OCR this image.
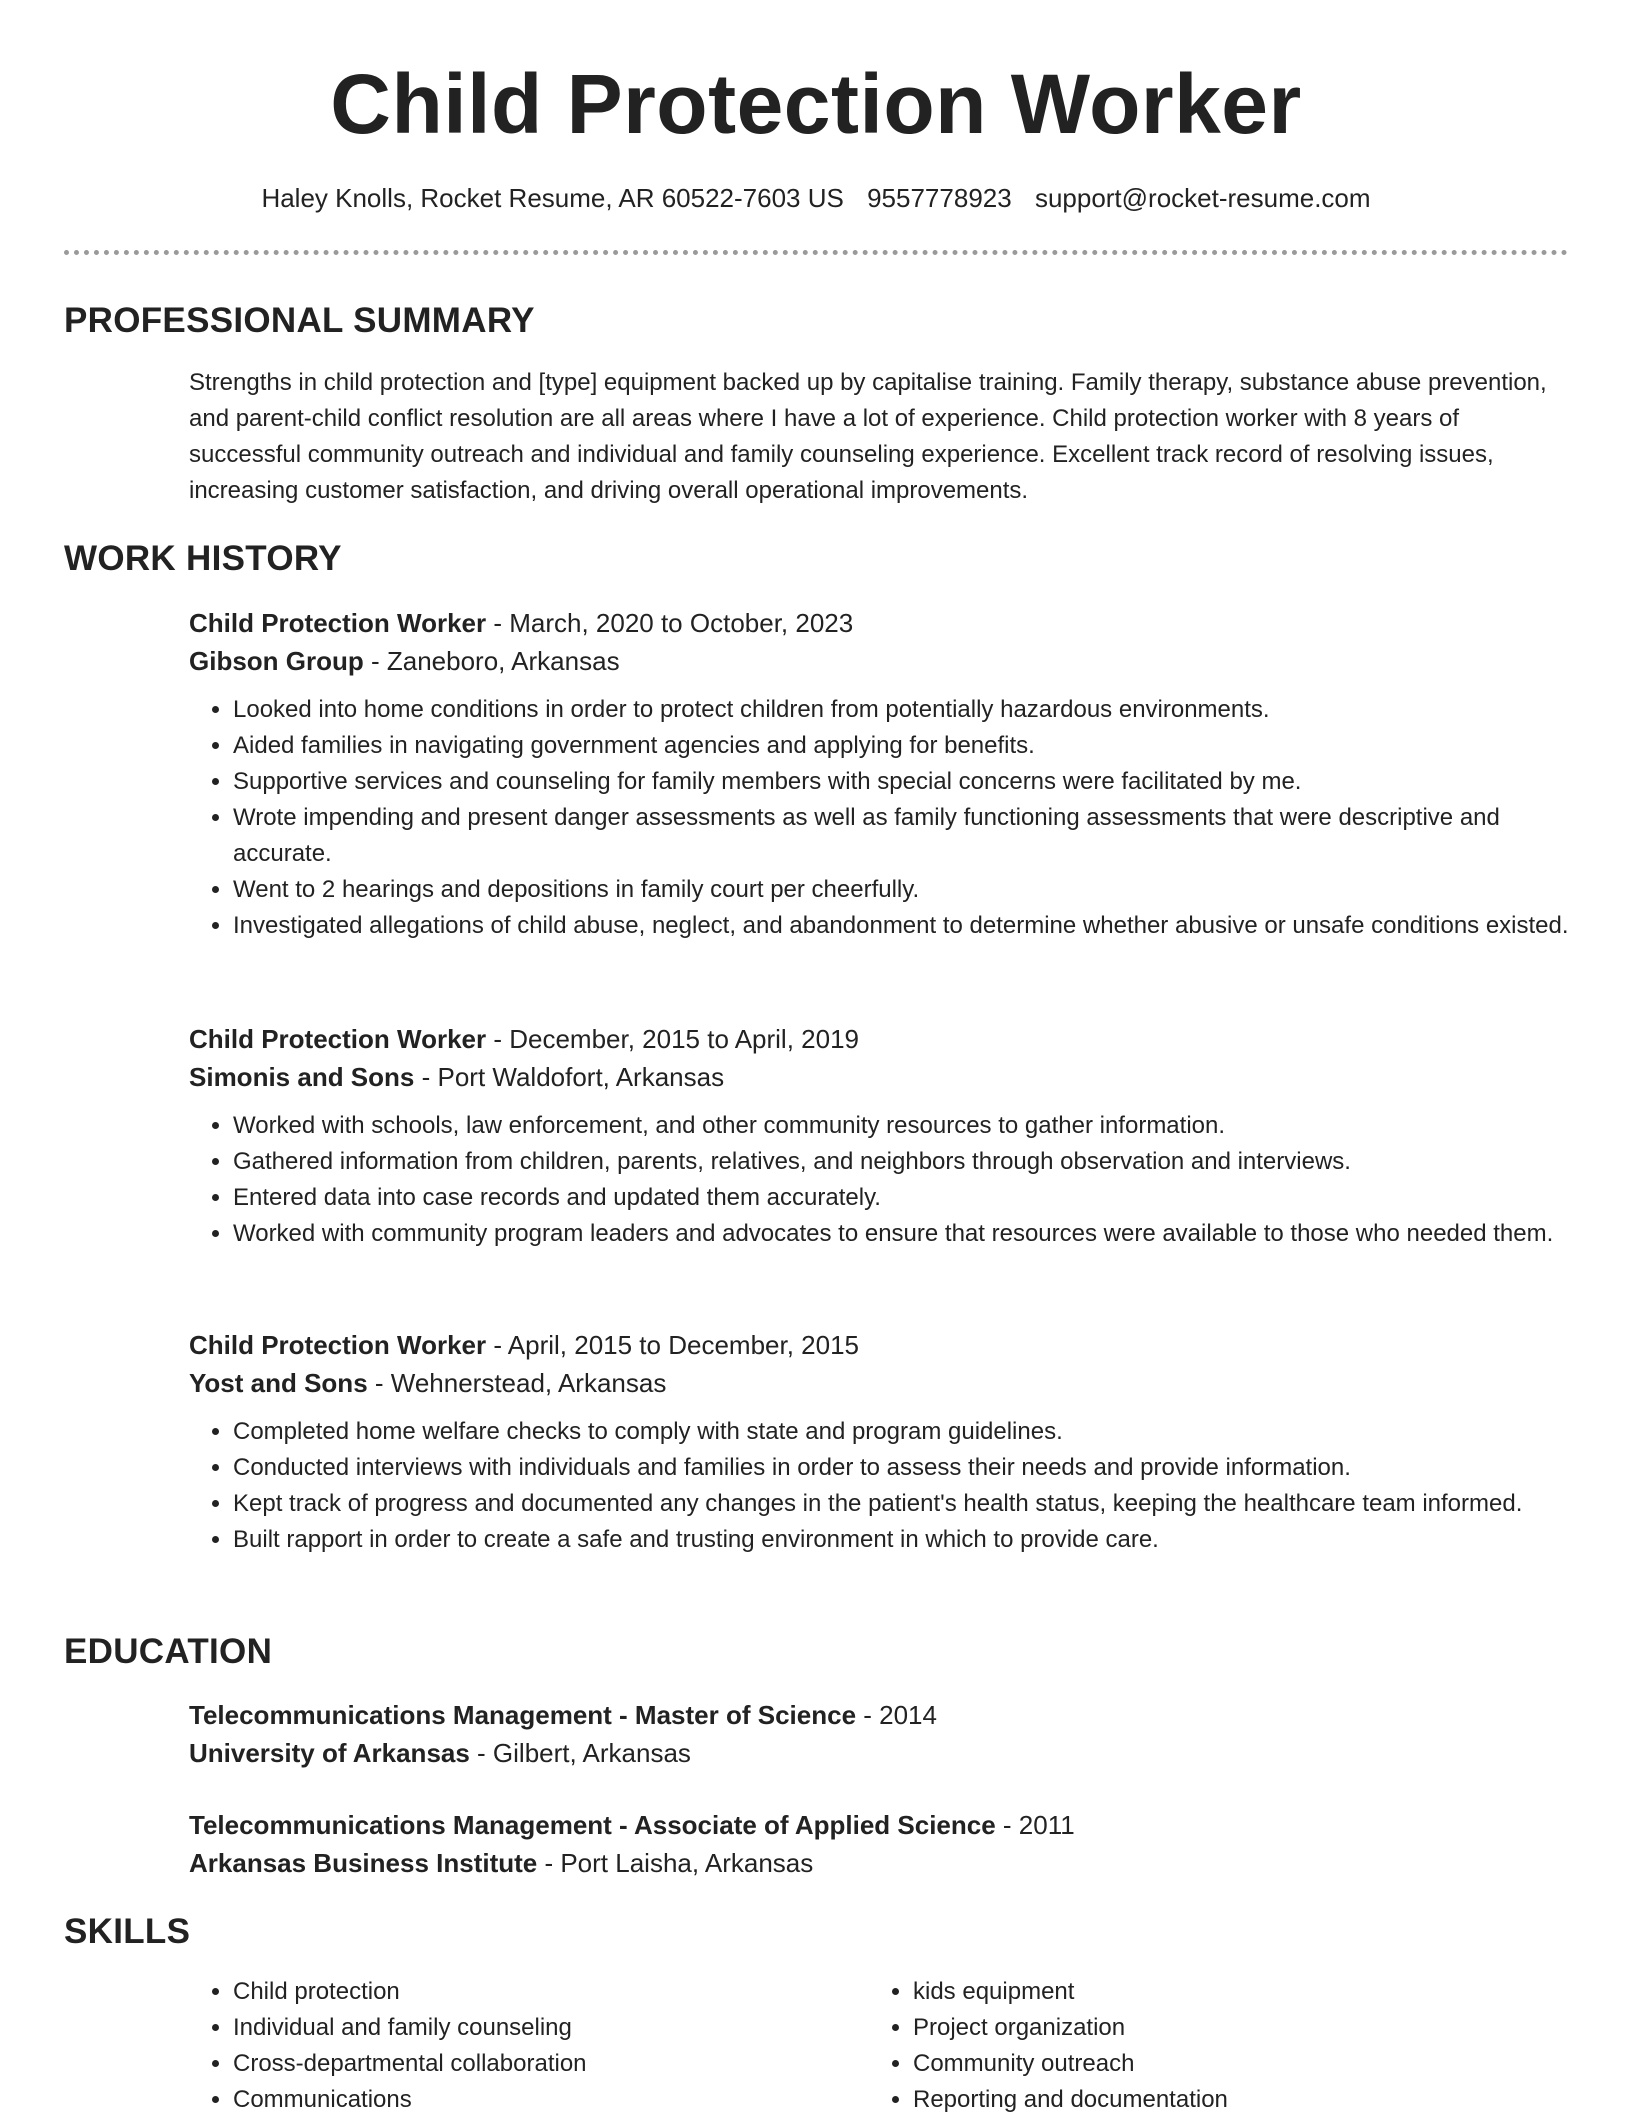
Child Protection Worker
Haley Knolls, Rocket Resume, AR 60522-7603 US 9557778923 support@rocket-resume.com
PROFESSIONAL SUMMARY
Strengths in child protection and [type] equipment backed up by capitalise training. Family therapy, substance abuse prevention, and parent-child conflict resolution are all areas where I have a lot of experience. Child protection worker with 8 years of successful community outreach and individual and family counseling experience. Excellent track record of resolving issues, increasing customer satisfaction, and driving overall operational improvements.
WORK HISTORY
Child Protection Worker - March, 2020 to October, 2023
Gibson Group - Zaneboro, Arkansas
• Looked into home conditions in order to protect children from potentially hazardous environments.
• Aided families in navigating government agencies and applying for benefits.
• Supportive services and counseling for family members with special concerns were facilitated by me.
• Wrote impending and present danger assessments as well as family functioning assessments that were descriptive and accurate.
• Went to 2 hearings and depositions in family court per cheerfully.
• Investigated allegations of child abuse, neglect, and abandonment to determine whether abusive or unsafe conditions existed.
Child Protection Worker - December, 2015 to April, 2019
Simonis and Sons - Port Waldofort, Arkansas
• Worked with schools, law enforcement, and other community resources to gather information.
• Gathered information from children, parents, relatives, and neighbors through observation and interviews.
• Entered data into case records and updated them accurately.
• Worked with community program leaders and advocates to ensure that resources were available to those who needed them.
Child Protection Worker - April, 2015 to December, 2015
Yost and Sons - Wehnerstead, Arkansas
• Completed home welfare checks to comply with state and program guidelines.
• Conducted interviews with individuals and families in order to assess their needs and provide information.
• Kept track of progress and documented any changes in the patient's health status, keeping the healthcare team informed.
• Built rapport in order to create a safe and trusting environment in which to provide care.
EDUCATION
Telecommunications Management - Master of Science - 2014
University of Arkansas - Gilbert, Arkansas
Telecommunications Management - Associate of Applied Science - 2011
Arkansas Business Institute - Port Laisha, Arkansas
SKILLS
• Child protection
• Individual and family counseling
• Cross-departmental collaboration
• Communications
• kids equipment
• Project organization
• Community outreach
• Reporting and documentation
